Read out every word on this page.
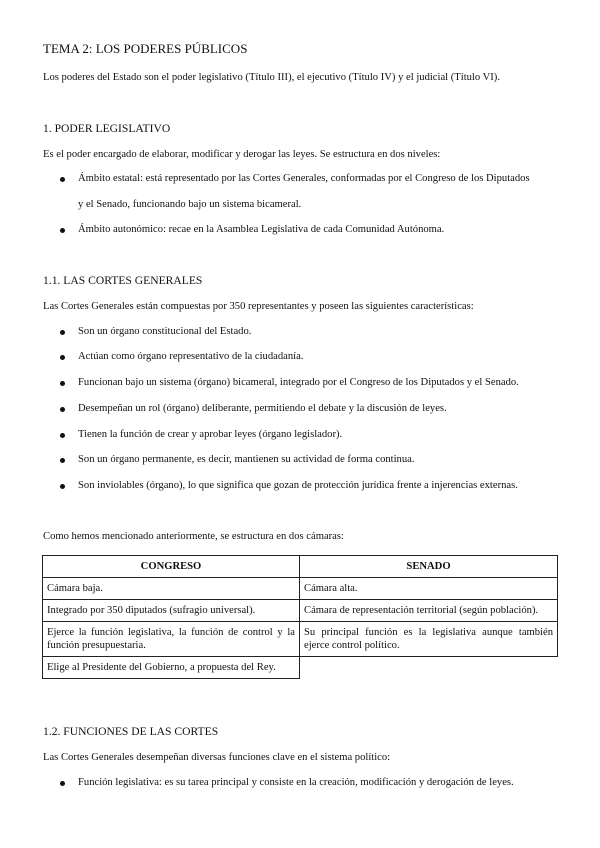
TEMA 2: LOS PODERES PÚBLICOS
Los poderes del Estado son el poder legislativo (Título III), el ejecutivo (Título IV) y el judicial (Título VI).
1. PODER LEGISLATIVO
Es el poder encargado de elaborar, modificar y derogar las leyes. Se estructura en dos niveles:
Ámbito estatal: está representado por las Cortes Generales, conformadas por el Congreso de los Diputados
y el Senado, funcionando bajo un sistema bicameral.
Ámbito autonómico: recae en la Asamblea Legislativa de cada Comunidad Autónoma.
1.1. LAS CORTES GENERALES
Las Cortes Generales están compuestas por 350 representantes y poseen las siguientes características:
Son un órgano constitucional del Estado.
Actúan como órgano representativo de la ciudadanía.
Funcionan bajo un sistema (órgano) bicameral, integrado por el Congreso de los Diputados y el Senado.
Desempeñan un rol (órgano) deliberante, permitiendo el debate y la discusión de leyes.
Tienen la función de crear y aprobar leyes (órgano legislador).
Son un órgano permanente, es decir, mantienen su actividad de forma continua.
Son inviolables (órgano), lo que significa que gozan de protección jurídica frente a injerencias externas.
Como hemos mencionado anteriormente, se estructura en dos cámaras:
CONGRESO	SENADO
Cámara baja.	Cámara alta.
Integrado por 350 diputados (sufragio universal).	Cámara de representación territorial (según población).
Ejerce la función legislativa, la función de control y la función presupuestaria.	Su principal función es la legislativa aunque también ejerce control político.
Elige al Presidente del Gobierno, a propuesta del Rey.	
1.2. FUNCIONES DE LAS CORTES
Las Cortes Generales desempeñan diversas funciones clave en el sistema político:
Función legislativa: es su tarea principal y consiste en la creación, modificación y derogación de leyes.
